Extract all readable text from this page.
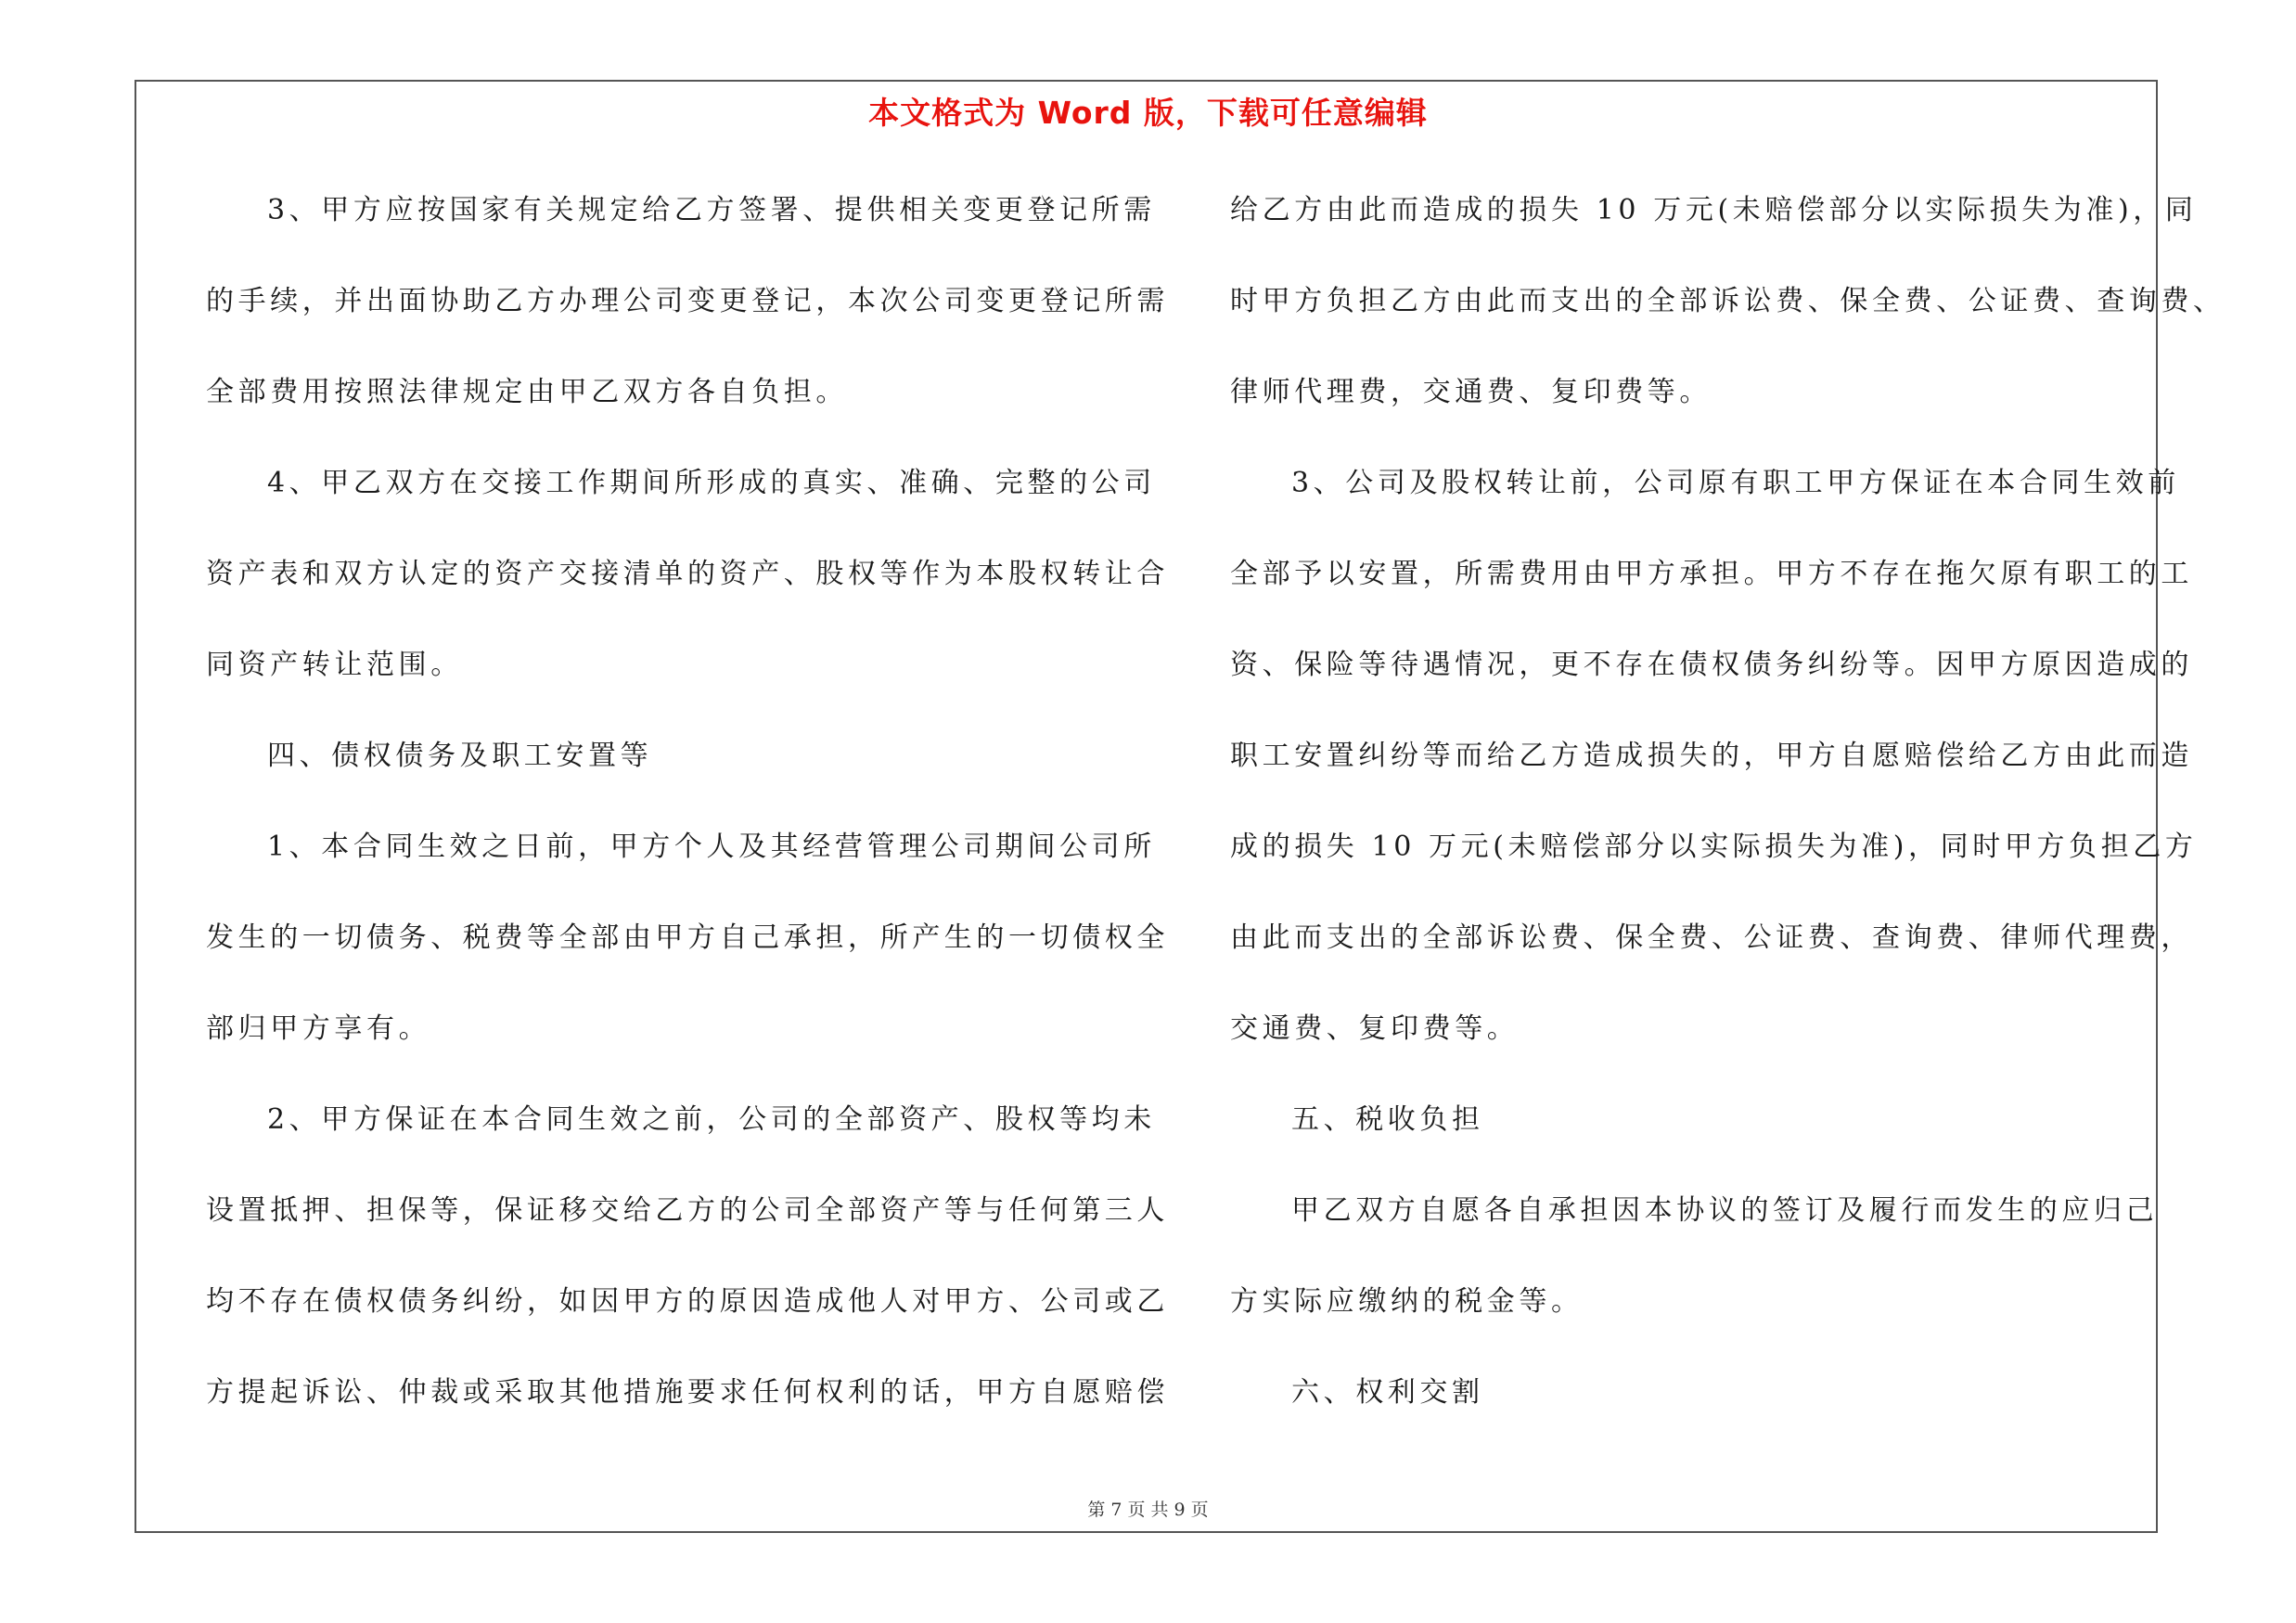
本文格式为 Word 版，下载可任意编辑
3、甲方应按国家有关规定给乙方签署、提供相关变更登记所需
的手续，并出面协助乙方办理公司变更登记，本次公司变更登记所需
全部费用按照法律规定由甲乙双方各自负担。
4、甲乙双方在交接工作期间所形成的真实、准确、完整的公司
资产表和双方认定的资产交接清单的资产、股权等作为本股权转让合
同资产转让范围。
四、债权债务及职工安置等
1、本合同生效之日前，甲方个人及其经营管理公司期间公司所
发生的一切债务、税费等全部由甲方自己承担，所产生的一切债权全
部归甲方享有。
2、甲方保证在本合同生效之前，公司的全部资产、股权等均未
设置抵押、担保等，保证移交给乙方的公司全部资产等与任何第三人
均不存在债权债务纠纷，如因甲方的原因造成他人对甲方、公司或乙
方提起诉讼、仲裁或采取其他措施要求任何权利的话，甲方自愿赔偿
给乙方由此而造成的损失 10 万元(未赔偿部分以实际损失为准)，同
时甲方负担乙方由此而支出的全部诉讼费、保全费、公证费、查询费、
律师代理费，交通费、复印费等。
3、公司及股权转让前，公司原有职工甲方保证在本合同生效前
全部予以安置，所需费用由甲方承担。甲方不存在拖欠原有职工的工
资、保险等待遇情况，更不存在债权债务纠纷等。因甲方原因造成的
职工安置纠纷等而给乙方造成损失的，甲方自愿赔偿给乙方由此而造
成的损失 10 万元(未赔偿部分以实际损失为准)，同时甲方负担乙方
由此而支出的全部诉讼费、保全费、公证费、查询费、律师代理费，
交通费、复印费等。
五、税收负担
甲乙双方自愿各自承担因本协议的签订及履行而发生的应归己
方实际应缴纳的税金等。
六、权利交割
第 7 页 共 9 页
